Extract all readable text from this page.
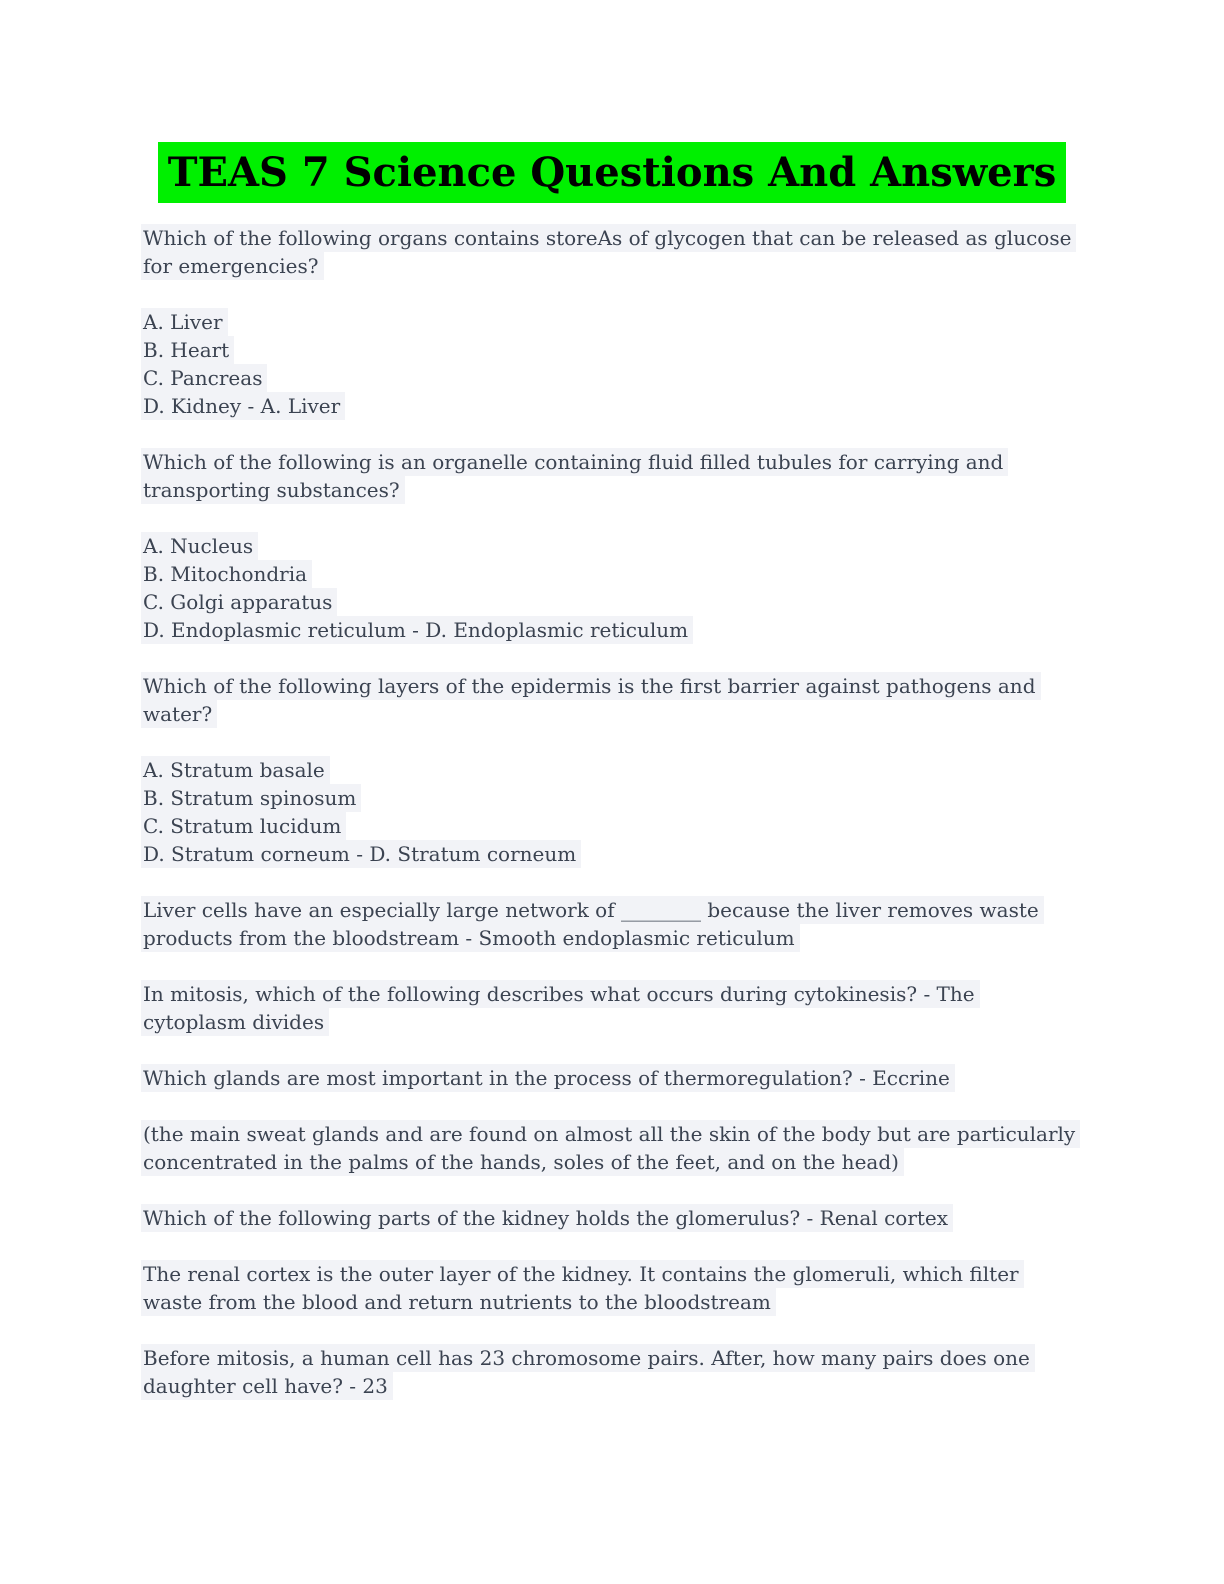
TEAS 7 Science Questions And Answers
Which of the following organs contains storeAs of glycogen that can be released as glucose
for emergencies?
A. Liver
B. Heart
C. Pancreas
D. Kidney - A. Liver
Which of the following is an organelle containing fluid filled tubules for carrying and
transporting substances?
A. Nucleus
B. Mitochondria
C. Golgi apparatus
D. Endoplasmic reticulum - D. Endoplasmic reticulum
Which of the following layers of the epidermis is the first barrier against pathogens and
water?
A. Stratum basale
B. Stratum spinosum
C. Stratum lucidum
D. Stratum corneum - D. Stratum corneum
Liver cells have an especially large network of ________ because the liver removes waste
products from the bloodstream - Smooth endoplasmic reticulum
In mitosis, which of the following describes what occurs during cytokinesis? - The
cytoplasm divides
Which glands are most important in the process of thermoregulation? - Eccrine
(the main sweat glands and are found on almost all the skin of the body but are particularly
concentrated in the palms of the hands, soles of the feet, and on the head)
Which of the following parts of the kidney holds the glomerulus? - Renal cortex
The renal cortex is the outer layer of the kidney. It contains the glomeruli, which filter
waste from the blood and return nutrients to the bloodstream
Before mitosis, a human cell has 23 chromosome pairs. After, how many pairs does one
daughter cell have? - 23
